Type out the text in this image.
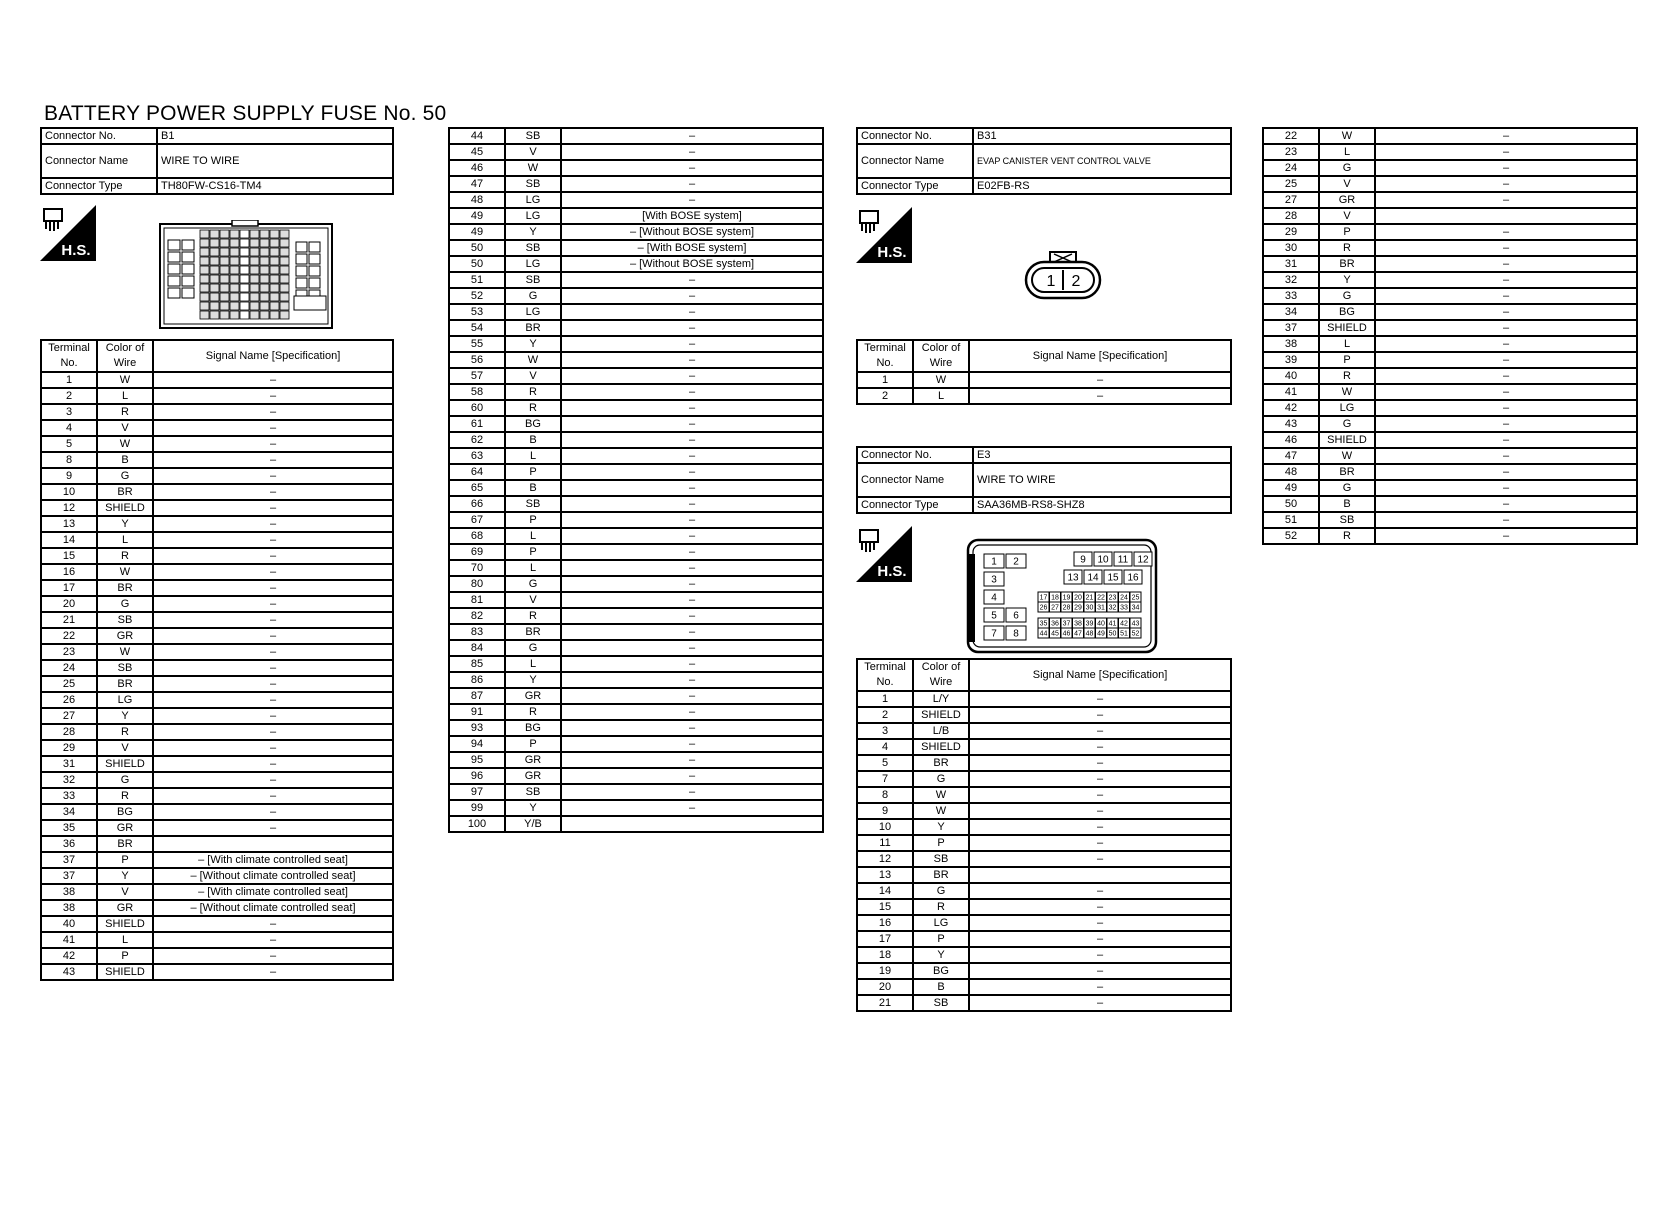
BATTERY POWER SUPPLY FUSE No. 50
Connector No.	B1
Connector Name	WIRE TO WIRE
Connector Type	TH80FW-CS16-TM4
H.S.
Terminal No.	Color of Wire	Signal Name [Specification]
1	W	–
2	L	–
3	R	–
4	V	–
5	W	–
8	B	–
9	G	–
10	BR	–
12	SHIELD	–
13	Y	–
14	L	–
15	R	–
16	W	–
17	BR	–
20	G	–
21	SB	–
22	GR	–
23	W	–
24	SB	–
25	BR	–
26	LG	–
27	Y	–
28	R	–
29	V	–
31	SHIELD	–
32	G	–
33	R	–
34	BG	–
35	GR	–
36	BR	
37	P	– [With climate controlled seat]
37	Y	– [Without climate controlled seat]
38	V	– [With climate controlled seat]
38	GR	– [Without climate controlled seat]
40	SHIELD	–
41	L	–
42	P	–
43	SHIELD	–
44	SB	–
45	V	–
46	W	–
47	SB	–
48	LG	–
49	LG	[With BOSE system]
49	Y	– [Without BOSE system]
50	SB	– [With BOSE system]
50	LG	– [Without BOSE system]
51	SB	–
52	G	–
53	LG	–
54	BR	–
55	Y	–
56	W	–
57	V	–
58	R	–
60	R	–
61	BG	–
62	B	–
63	L	–
64	P	–
65	B	–
66	SB	–
67	P	–
68	L	–
69	P	–
70	L	–
80	G	–
81	V	–
82	R	–
83	BR	–
84	G	–
85	L	–
86	Y	–
87	GR	–
91	R	–
93	BG	–
94	P	–
95	GR	–
96	GR	–
97	SB	–
99	Y	–
100	Y/B	
Connector No.	B31
Connector Name	EVAP CANISTER VENT CONTROL VALVE
Connector Type	E02FB-RS
H.S.
1 2
Terminal No.	Color of Wire	Signal Name [Specification]
1	W	–
2	L	–
Connector No.	E3
Connector Name	WIRE TO WIRE
Connector Type	SAA36MB-RS8-SHZ8
H.S.
1 2
3
4
5 6
7 8
9 10 11 12
13 14 15 16
17 18 19 20 21 22 23 24 25
26 27 28 29 30 31 32 33 34
35 36 37 38 39 40 41 42 43
44 45 46 47 48 49 50 51 52
Terminal No.	Color of Wire	Signal Name [Specification]
1	L/Y	–
2	SHIELD	–
3	L/B	–
4	SHIELD	–
5	BR	–
7	G	–
8	W	–
9	W	–
10	Y	–
11	P	–
12	SB	–
13	BR	
14	G	–
15	R	–
16	LG	–
17	P	–
18	Y	–
19	BG	–
20	B	–
21	SB	–
22	W	–
23	L	–
24	G	–
25	V	–
27	GR	–
28	V	
29	P	–
30	R	–
31	BR	–
32	Y	–
33	G	–
34	BG	–
37	SHIELD	–
38	L	–
39	P	–
40	R	–
41	W	–
42	LG	–
43	G	–
46	SHIELD	–
47	W	–
48	BR	–
49	G	–
50	B	–
51	SB	–
52	R	–
